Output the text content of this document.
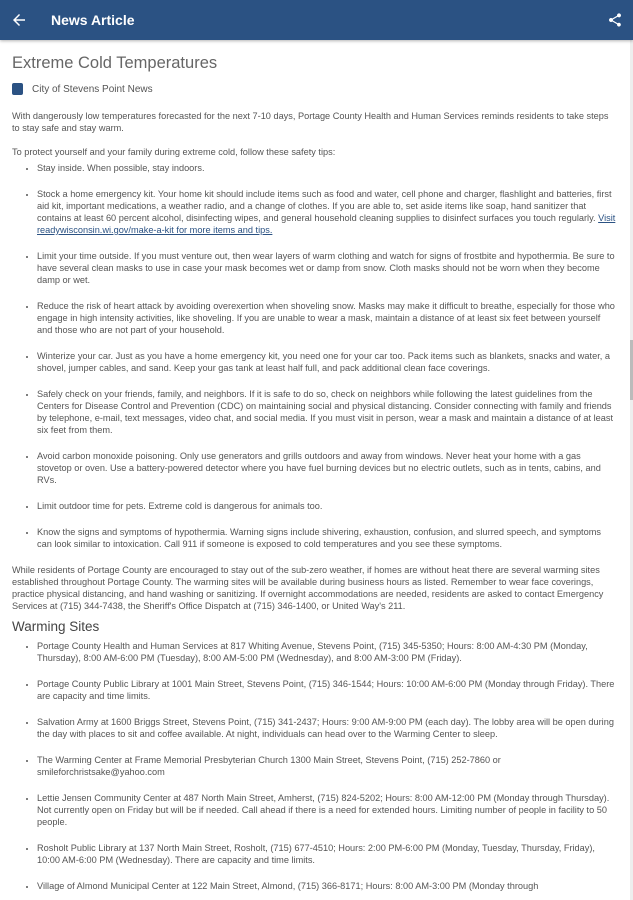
News Article
Extreme Cold Temperatures
City of Stevens Point News

With dangerously low temperatures forecasted for the next 7-10 days, Portage County Health and Human Services reminds residents to take steps to stay safe and stay warm.

To protect yourself and your family during extreme cold, follow these safety tips:

• Stay inside. When possible, stay indoors.
• Stock a home emergency kit. Your home kit should include items such as food and water, cell phone and charger, flashlight and batteries, first aid kit, important medications, a weather radio, and a change of clothes. If you are able to, set aside items like soap, hand sanitizer that contains at least 60 percent alcohol, disinfecting wipes, and general household cleaning supplies to disinfect surfaces you touch regularly. Visit readywisconsin.wi.gov/make-a-kit for more items and tips.
• Limit your time outside. If you must venture out, then wear layers of warm clothing and watch for signs of frostbite and hypothermia. Be sure to have several clean masks to use in case your mask becomes wet or damp from snow. Cloth masks should not be worn when they become damp or wet.
• Reduce the risk of heart attack by avoiding overexertion when shoveling snow. Masks may make it difficult to breathe, especially for those who engage in high intensity activities, like shoveling. If you are unable to wear a mask, maintain a distance of at least six feet between yourself and those who are not part of your household.
• Winterize your car. Just as you have a home emergency kit, you need one for your car too. Pack items such as blankets, snacks and water, a shovel, jumper cables, and sand. Keep your gas tank at least half full, and pack additional clean face coverings.
• Safely check on your friends, family, and neighbors. If it is safe to do so, check on neighbors while following the latest guidelines from the Centers for Disease Control and Prevention (CDC) on maintaining social and physical distancing. Consider connecting with family and friends by telephone, e-mail, text messages, video chat, and social media. If you must visit in person, wear a mask and maintain a distance of at least six feet from them.
• Avoid carbon monoxide poisoning. Only use generators and grills outdoors and away from windows. Never heat your home with a gas stovetop or oven. Use a battery-powered detector where you have fuel burning devices but no electric outlets, such as in tents, cabins, and RVs.
• Limit outdoor time for pets. Extreme cold is dangerous for animals too.
• Know the signs and symptoms of hypothermia. Warning signs include shivering, exhaustion, confusion, and slurred speech, and symptoms can look similar to intoxication. Call 911 if someone is exposed to cold temperatures and you see these symptoms.

While residents of Portage County are encouraged to stay out of the sub-zero weather, if homes are without heat there are several warming sites established throughout Portage County. The warming sites will be available during business hours as listed. Remember to wear face coverings, practice physical distancing, and hand washing or sanitizing. If overnight accommodations are needed, residents are asked to contact Emergency Services at (715) 344-7438, the Sheriff's Office Dispatch at (715) 346-1400, or United Way's 211.

Warming Sites
• Portage County Health and Human Services at 817 Whiting Avenue, Stevens Point, (715) 345-5350; Hours: 8:00 AM-4:30 PM (Monday, Thursday), 8:00 AM-6:00 PM (Tuesday), 8:00 AM-5:00 PM (Wednesday), and 8:00 AM-3:00 PM (Friday).
• Portage County Public Library at 1001 Main Street, Stevens Point, (715) 346-1544; Hours: 10:00 AM-6:00 PM (Monday through Friday). There are capacity and time limits.
• Salvation Army at 1600 Briggs Street, Stevens Point, (715) 341-2437; Hours: 9:00 AM-9:00 PM (each day). The lobby area will be open during the day with places to sit and coffee available. At night, individuals can head over to the Warming Center to sleep.
• The Warming Center at Frame Memorial Presbyterian Church 1300 Main Street, Stevens Point, (715) 252-7860 or smileforchristsake@yahoo.com
• Lettie Jensen Community Center at 487 North Main Street, Amherst, (715) 824-5202; Hours: 8:00 AM-12:00 PM (Monday through Thursday). Not currently open on Friday but will be if needed. Call ahead if there is a need for extended hours. Limiting number of people in facility to 50 people.
• Rosholt Public Library at 137 North Main Street, Rosholt, (715) 677-4510; Hours: 2:00 PM-6:00 PM (Monday, Tuesday, Thursday, Friday), 10:00 AM-6:00 PM (Wednesday). There are capacity and time limits.
• Village of Almond Municipal Center at 122 Main Street, Almond, (715) 366-8171; Hours: 8:00 AM-3:00 PM (Monday through
